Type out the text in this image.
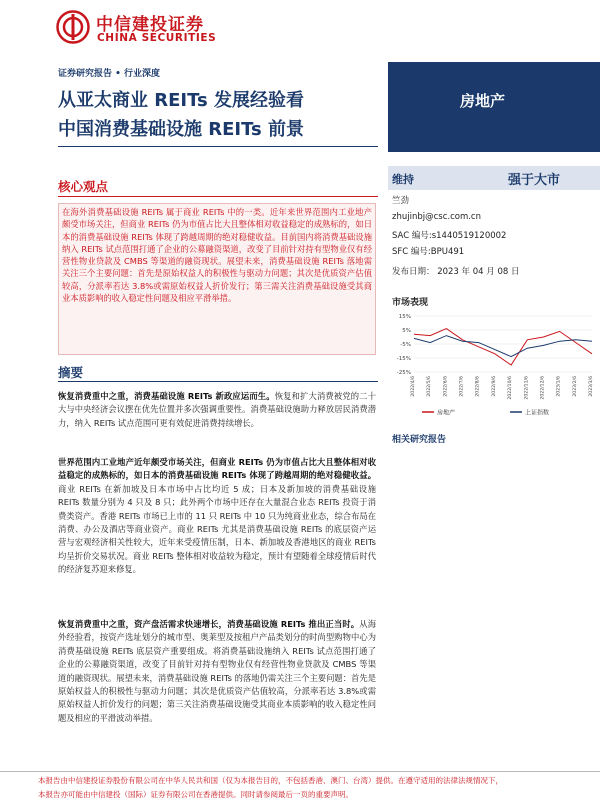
中信建投证券
CHINA SECURITIES
证券研究报告 • 行业深度
从亚太商业 REITs 发展经验看
中国消费基础设施 REITs 前景
房地产
维持	强于大市
竺劲
zhujinbj@csc.com.cn
SAC 编号:s1440519120002
SFC 编号:BPU491
发布日期： 2023 年 04 月 08 日
市场表现
15%
5%
-5%
-15%
-25%
2022/4/6 2022/5/6 2022/6/6 2022/7/6 2022/8/6 2022/9/6 2022/10/6 2022/11/6 2022/12/6 2023/1/6 2023/2/6 2023/3/6
房地产	上证指数
相关研究报告
核心观点
在海外消费基础设施 REITs 属于商业 REITs 中的一类。近年来世界范围内工业地产颇受市场关注，但商业 REITs 仍为市值占比大且整体相对收益稳定的成熟标的，如日本的消费基础设施 REITs 体现了跨越周期的绝对稳健收益。目前国内将消费基础设施纳入 REITs 试点范围打通了企业的公募融资渠道，改变了目前针对持有型物业仅有经营性物业贷款及 CMBS 等渠道的融资现状。展望未来，消费基础设施 REITs 落地需关注三个主要问题：首先是原始权益人的积极性与驱动力问题；其次是优质资产估值较高，分派率若达 3.8%或需原始权益人折价发行；第三需关注消费基础设施受其商业本质影响的收入稳定性问题及相应平滑举措。
摘要
恢复消费重中之重，消费基础设施 REITs 新政应运而生。恢复和扩大消费被党的二十大与中央经济会议摆在优先位置并多次强调重要性。消费基础设施助力释放居民消费潜力，纳入 REITs 试点范围可更有效促进消费持续增长。
世界范围内工业地产近年颇受市场关注，但商业 REITs 仍为市值占比大且整体相对收益稳定的成熟标的，如日本的消费基础设施 REITs 体现了跨越周期的绝对稳健收益。商业 REITs 在新加坡及日本市场中占比均近 5 成；日本及新加坡的消费基础设施 REITs 数量分别为 4 只及 8 只；此外两个市场中还存在大量混合业态 REITs 投资于消费类资产。香港 REITs 市场已上市的 11 只 REITs 中 10 只为纯商业业态，综合布局在消费、办公及酒店等商业资产。商业 REITs 尤其是消费基础设施 REITs 的底层资产运营与宏观经济相关性较大，近年来受疫情压制，日本、新加坡及香港地区的商业 REITs 均呈折价交易状况。商业 REITs 整体相对收益较为稳定，预计有望随着全球疫情后时代的经济复苏迎来修复。
恢复消费重中之重，资产盘活需求快速增长，消费基础设施 REITs 推出正当时。从海外经验看，按资产选址划分的城市型、奥莱型及按租户产品类划分的时尚型购物中心为消费基础设施 REITs 底层资产重要组成。将消费基础设施纳入 REITs 试点范围打通了企业的公募融资渠道，改变了目前针对持有型物业仅有经营性物业贷款及 CMBS 等渠道的融资现状。展望未来，消费基础设施 REITs 的落地仍需关注三个主要问题：首先是原始权益人的积极性与驱动力问题；其次是优质资产估值较高，分派率若达 3.8%或需原始权益人折价发行的问题；第三关注消费基础设施受其商业本质影响的收入稳定性问题及相应的平滑波动举措。
本报告由中信建投证券股份有限公司在中华人民共和国（仅为本报告目的，不包括香港、澳门、台湾）提供。在遵守适用的法律法规情况下，
本报告亦可能由中信建投（国际）证券有限公司在香港提供。同时请参阅最后一页的重要声明。
